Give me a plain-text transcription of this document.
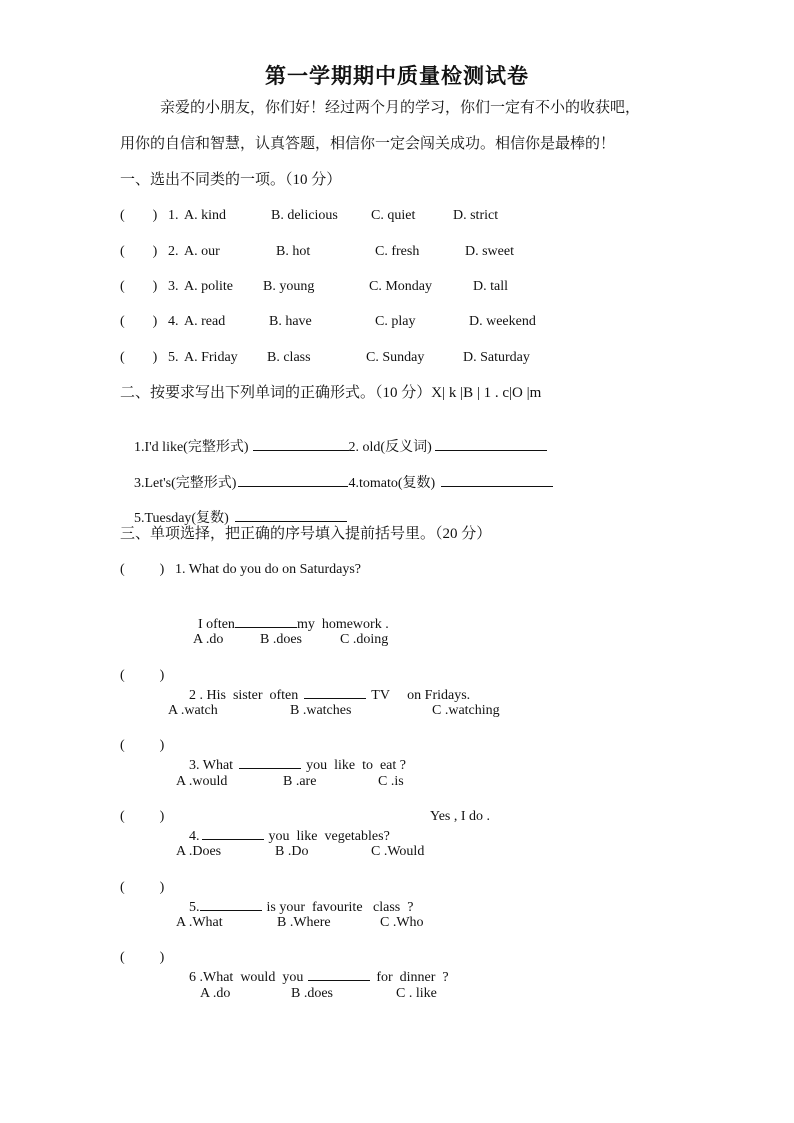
第一学期期中质量检测试卷
亲爱的小朋友，你们好！经过两个月的学习，你们一定有不小的收获吧，
用你的自信和智慧，认真答题，相信你一定会闯关成功。相信你是最棒的！
一、选出不同类的一项。（10 分）
(        ) 1. A. kind	B. delicious C. quiet	D. strict
(        ) 2. A. our	B. hot	C. fresh	D. sweet
(        ) 3. A. polite B. young	C. Monday	D. tall
(        ) 4. A. read	B. have	C. play	D. weekend
(        ) 5. A. Friday B. class	C. Sunday	D. Saturday
二、按要求写出下列单词的正确形式。（10 分）X| k |B | 1 . c|O |m

1.I'd like(完整形式)	2. old(反义词)

3.Let's(完整形式)	4.tomato(复数)

5.Tuesday(复数)

三、单项选择，把正确的序号填入提前括号里。（20 分）
(          ) 1. What do you do on Saturdays?

I often	my  homework .

A .do	B .does	C .doing
(          )

2 . His  sister  often	TV     on Fridays.

A .watch	B .watches	C .watching
(          )

3. What	you  like  to  eat ?

A .would	B .are	C .is
(          )

4.	you  like  vegetables?

Yes , I do .
A .Does	B .Do	C .Would
(          )

5.	is your  favourite   class  ?

A .What	B .Where	C .Who
(          )

6 .What  would  you	for  dinner  ?

A .do	B .does	C . like
